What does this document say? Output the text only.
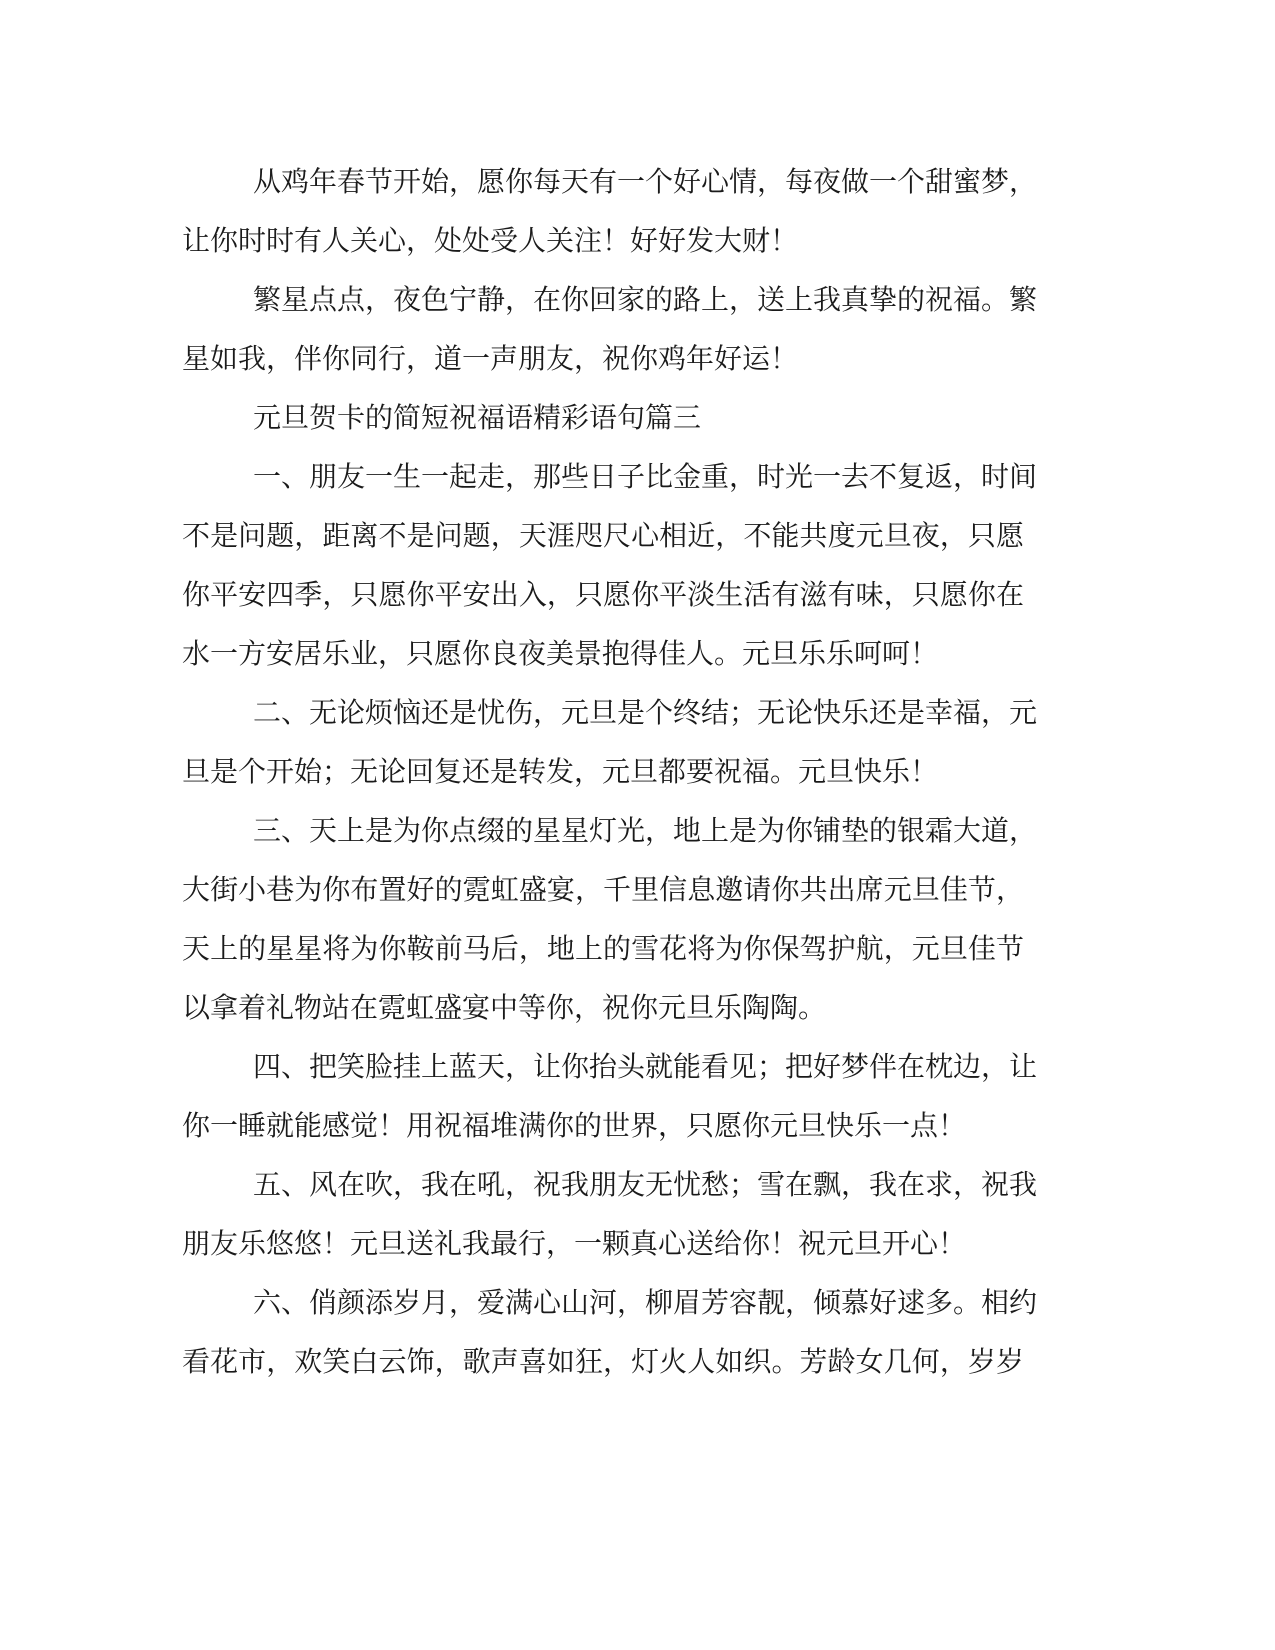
从鸡年春节开始，愿你每天有一个好心情，每夜做一个甜蜜梦，
让你时时有人关心，处处受人关注！好好发大财！
繁星点点，夜色宁静，在你回家的路上，送上我真挚的祝福。繁
星如我，伴你同行，道一声朋友，祝你鸡年好运！
元旦贺卡的简短祝福语精彩语句篇三
一、朋友一生一起走，那些日子比金重，时光一去不复返，时间
不是问题，距离不是问题，天涯咫尺心相近，不能共度元旦夜，只愿
你平安四季，只愿你平安出入，只愿你平淡生活有滋有味，只愿你在
水一方安居乐业，只愿你良夜美景抱得佳人。元旦乐乐呵呵！
二、无论烦恼还是忧伤，元旦是个终结；无论快乐还是幸福，元
旦是个开始；无论回复还是转发，元旦都要祝福。元旦快乐！
三、天上是为你点缀的星星灯光，地上是为你铺垫的银霜大道，
大街小巷为你布置好的霓虹盛宴，千里信息邀请你共出席元旦佳节，
天上的星星将为你鞍前马后，地上的雪花将为你保驾护航，元旦佳节
以拿着礼物站在霓虹盛宴中等你，祝你元旦乐陶陶。
四、把笑脸挂上蓝天，让你抬头就能看见；把好梦伴在枕边，让
你一睡就能感觉！用祝福堆满你的世界，只愿你元旦快乐一点！
五、风在吹，我在吼，祝我朋友无忧愁；雪在飘，我在求，祝我
朋友乐悠悠！元旦送礼我最行，一颗真心送给你！祝元旦开心！
六、俏颜添岁月，爱满心山河，柳眉芳容靓，倾慕好逑多。相约
看花市，欢笑白云饰，歌声喜如狂，灯火人如织。芳龄女几何，岁岁
